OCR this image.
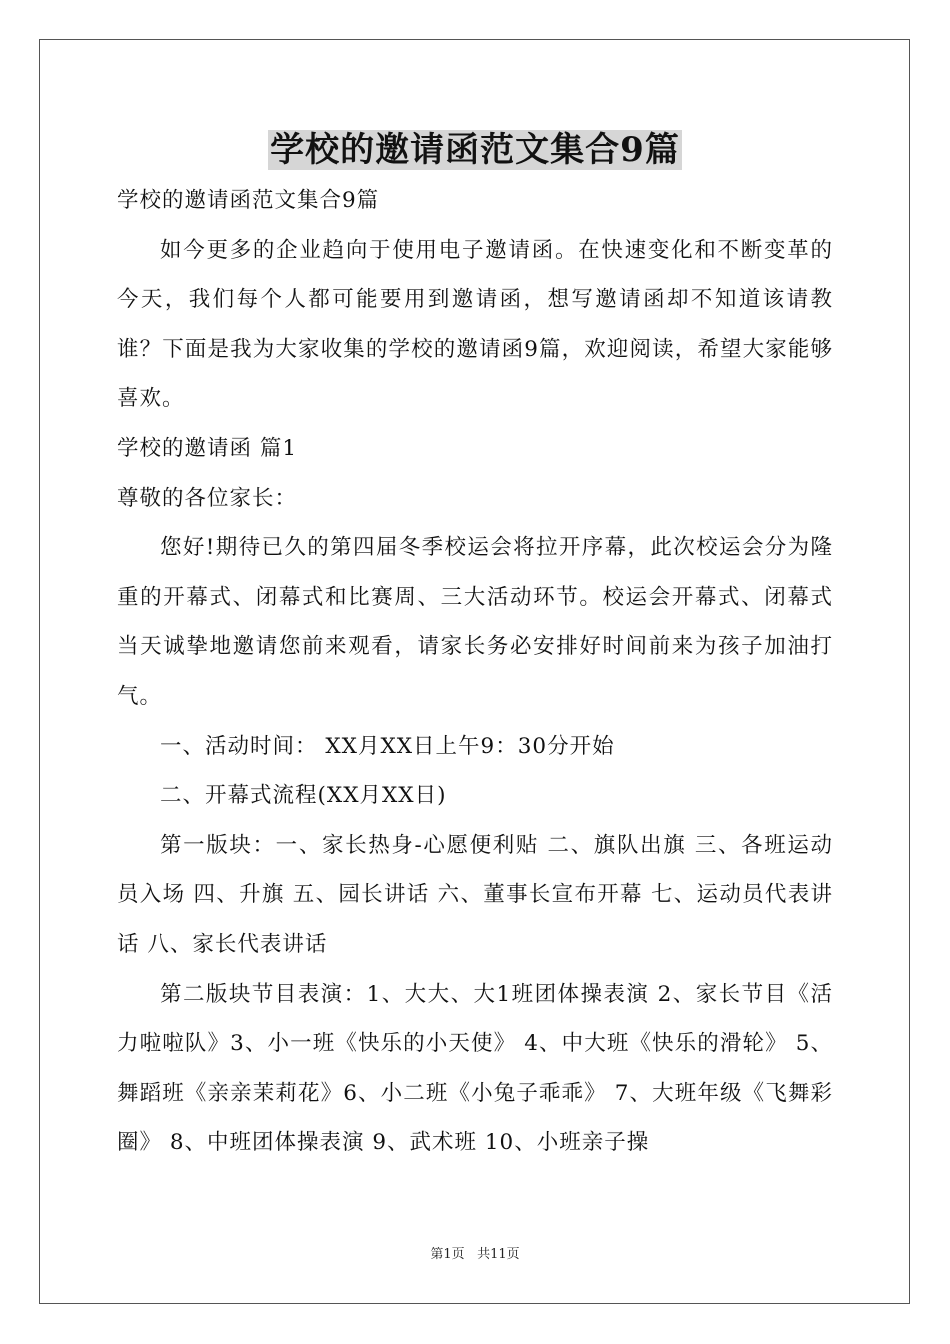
学校的邀请函范文集合9篇

学校的邀请函范文集合9篇

如今更多的企业趋向于使用电子邀请函。在快速变化和不断变革的今天，我们每个人都可能要用到邀请函，想写邀请函却不知道该请教谁？下面是我为大家收集的学校的邀请函9篇，欢迎阅读，希望大家能够喜欢。

学校的邀请函 篇1

尊敬的各位家长：

您好!期待已久的第四届冬季校运会将拉开序幕，此次校运会分为隆重的开幕式、闭幕式和比赛周、三大活动环节。校运会开幕式、闭幕式当天诚挚地邀请您前来观看，请家长务必安排好时间前来为孩子加油打气。

一、活动时间： XX月XX日上午9：30分开始

二、开幕式流程(XX月XX日)

第一版块：一、家长热身-心愿便利贴 二、旗队出旗 三、各班运动员入场 四、升旗 五、园长讲话 六、董事长宣布开幕 七、运动员代表讲话 八、家长代表讲话

第二版块节目表演：1、大大、大1班团体操表演 2、家长节目《活力啦啦队》3、小一班《快乐的小天使》 4、中大班《快乐的滑轮》 5、舞蹈班《亲亲茉莉花》6、小二班《小兔子乖乖》 7、大班年级《飞舞彩圈》 8、中班团体操表演 9、武术班 10、小班亲子操

第1页 共11页
